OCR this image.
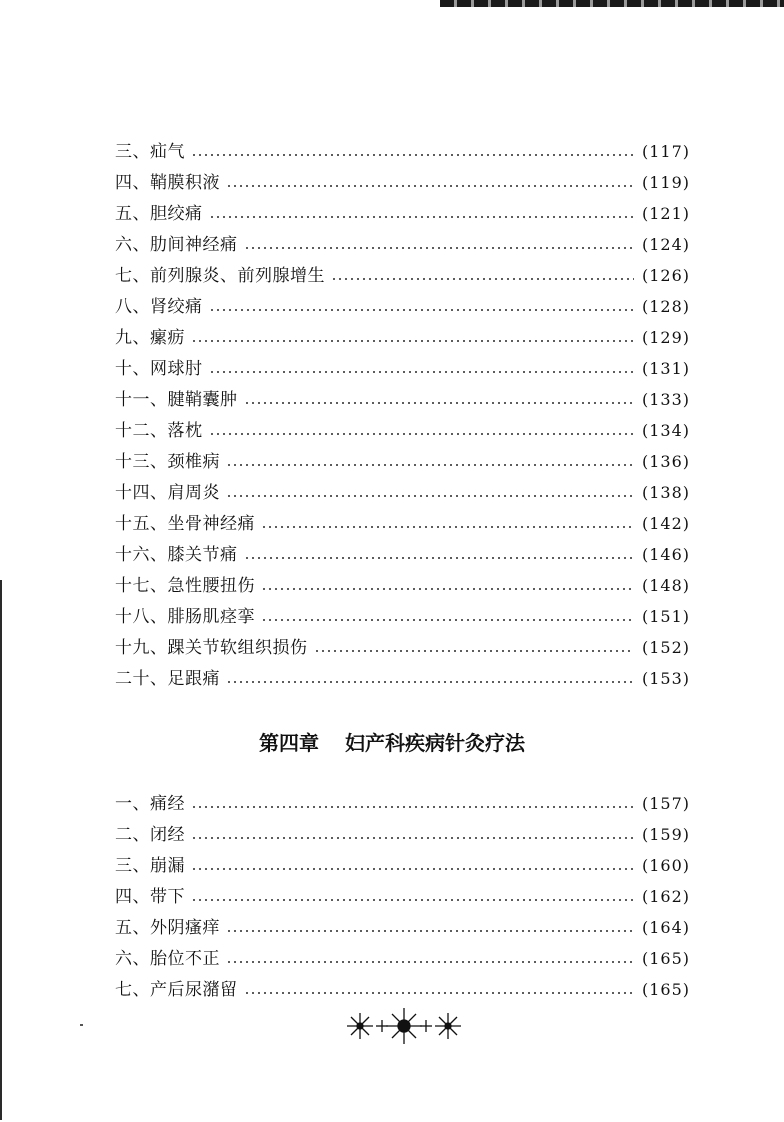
三、疝气	(117)
四、鞘膜积液	(119)
五、胆绞痛	(121)
六、肋间神经痛	(124)
七、前列腺炎、前列腺增生	(126)
八、肾绞痛	(128)
九、瘰疬	(129)
十、网球肘	(131)
十一、腱鞘囊肿	(133)
十二、落枕	(134)
十三、颈椎病	(136)
十四、肩周炎	(138)
十五、坐骨神经痛	(142)
十六、膝关节痛	(146)
十七、急性腰扭伤	(148)
十八、腓肠肌痉挛	(151)
十九、踝关节软组织损伤	(152)
二十、足跟痛	(153)
第四章 妇产科疾病针灸疗法
一、痛经	(157)
二、闭经	(159)
三、崩漏	(160)
四、带下	(162)
五、外阴瘙痒	(164)
六、胎位不正	(165)
七、产后尿潴留	(165)
